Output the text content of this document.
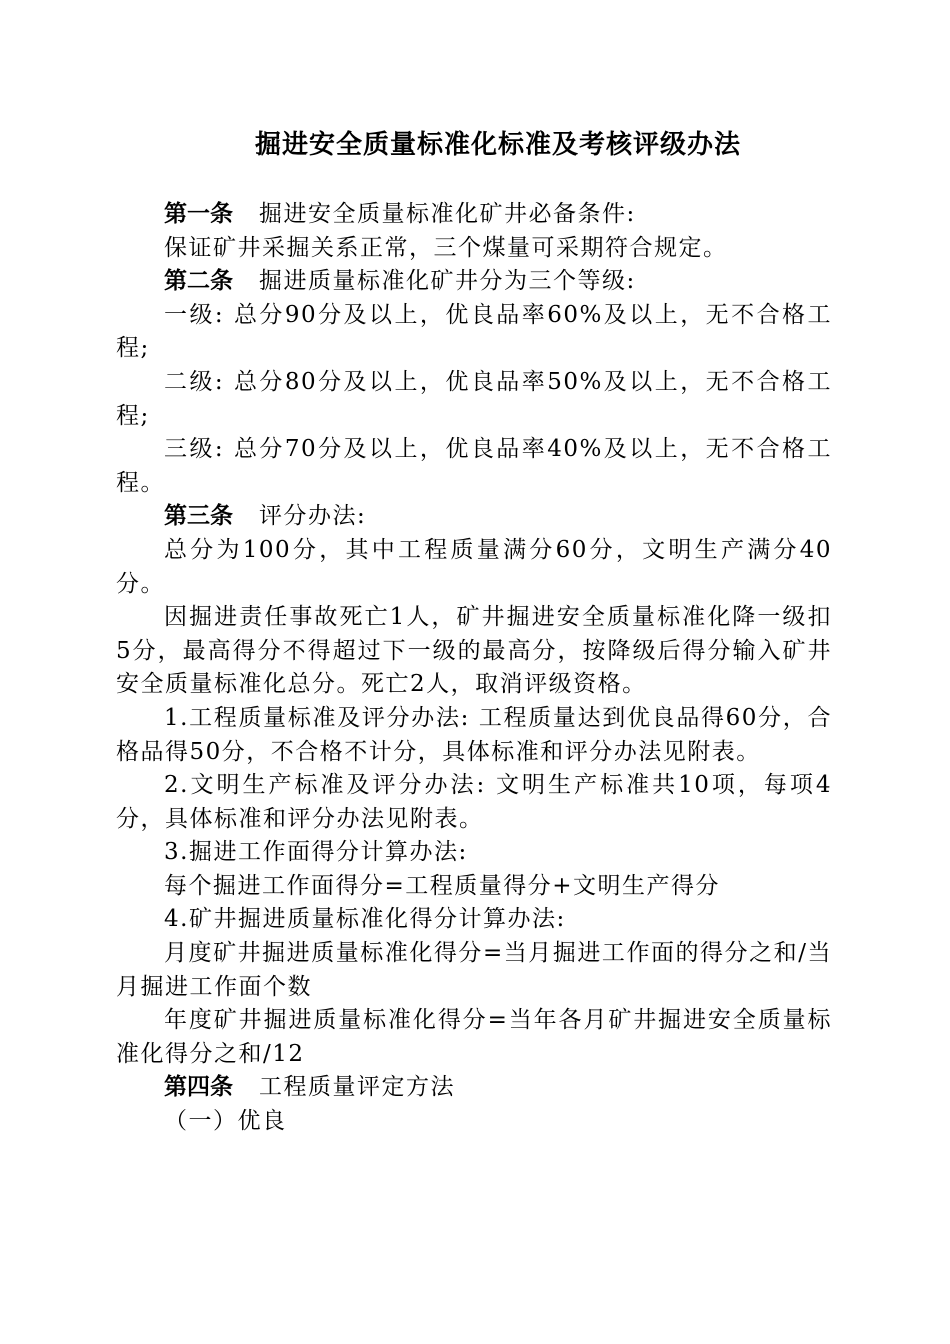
掘进安全质量标准化标准及考核评级办法

第一条 掘进安全质量标准化矿井必备条件:

保证矿井采掘关系正常，三个煤量可采期符合规定。

第二条 掘进质量标准化矿井分为三个等级:

一级: 总分90分及以上，优良品率60%及以上，无不合格工程;

二级: 总分80分及以上，优良品率50%及以上，无不合格工程;

三级: 总分70分及以上，优良品率40%及以上，无不合格工程。

第三条 评分办法:

总分为100分，其中工程质量满分60分，文明生产满分40分。

因掘进责任事故死亡1人，矿井掘进安全质量标准化降一级扣5分，最高得分不得超过下一级的最高分，按降级后得分输入矿井安全质量标准化总分。死亡2人，取消评级资格。

1.工程质量标准及评分办法: 工程质量达到优良品得60分，合格品得50分，不合格不计分，具体标准和评分办法见附表。

2.文明生产标准及评分办法: 文明生产标准共10项，每项4分，具体标准和评分办法见附表。

3.掘进工作面得分计算办法:

每个掘进工作面得分=工程质量得分+文明生产得分

4.矿井掘进质量标准化得分计算办法:

月度矿井掘进质量标准化得分=当月掘进工作面的得分之和/当月掘进工作面个数

年度矿井掘进质量标准化得分=当年各月矿井掘进安全质量标准化得分之和/12

第四条 工程质量评定方法

（一）优良
